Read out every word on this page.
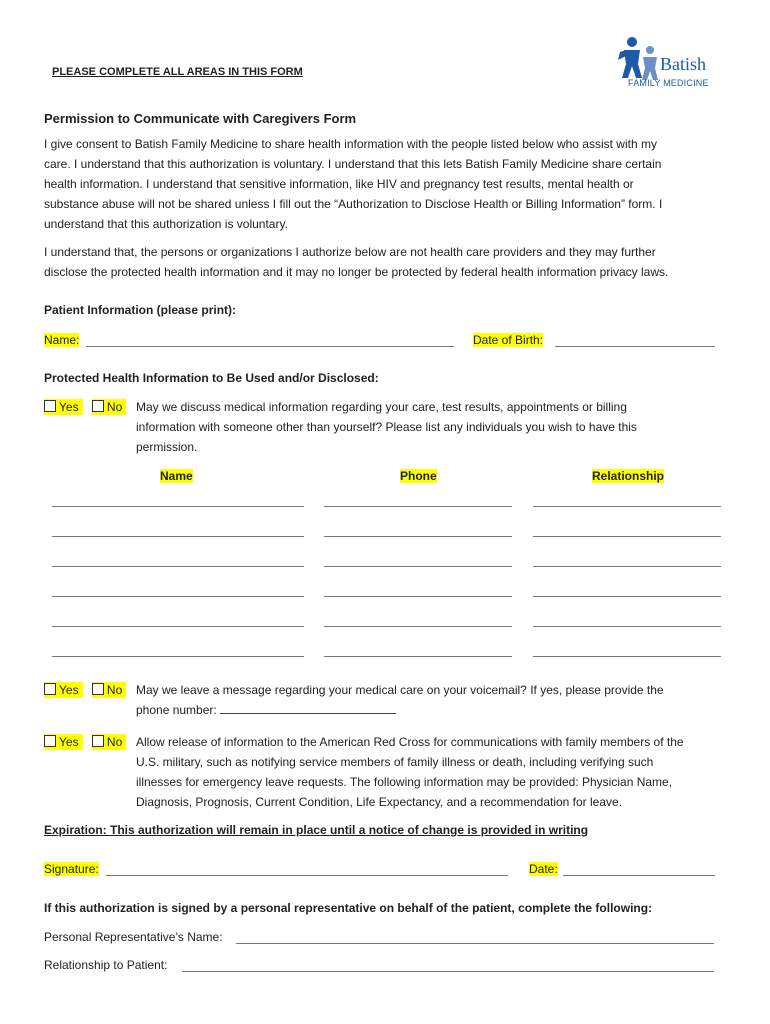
PLEASE COMPLETE ALL AREAS IN THIS FORM	Batish
FAMILY MEDICINE
Permission to Communicate with Caregivers Form
I give consent to Batish Family Medicine to share health information with the people listed below who assist with my
care. I understand that this authorization is voluntary. I understand that this lets Batish Family Medicine share certain
health information. I understand that sensitive information, like HIV and pregnancy test results, mental health or
substance abuse will not be shared unless I fill out the “Authorization to Disclose Health or Billing Information” form. I
understand that this authorization is voluntary.
I understand that, the persons or organizations I authorize below are not health care providers and they may further
disclose the protected health information and it may no longer be protected by federal health information privacy laws.
Patient Information (please print):
Name:	Date of Birth:
Protected Health Information to Be Used and/or Disclosed:
Yes No	May we discuss medical information regarding your care, test results, appointments or billing
information with someone other than yourself? Please list any individuals you wish to have this
permission.
Name	Phone	Relationship
Yes No	May we leave a message regarding your medical care on your voicemail? If yes, please provide the
phone number:
Yes No	Allow release of information to the American Red Cross for communications with family members of the
U.S. military, such as notifying service members of family illness or death, including verifying such
illnesses for emergency leave requests. The following information may be provided: Physician Name,
Diagnosis, Prognosis, Current Condition, Life Expectancy, and a recommendation for leave.
Expiration: This authorization will remain in place until a notice of change is provided in writing
Signature:	Date:
If this authorization is signed by a personal representative on behalf of the patient, complete the following:
Personal Representative’s Name:
Relationship to Patient:
